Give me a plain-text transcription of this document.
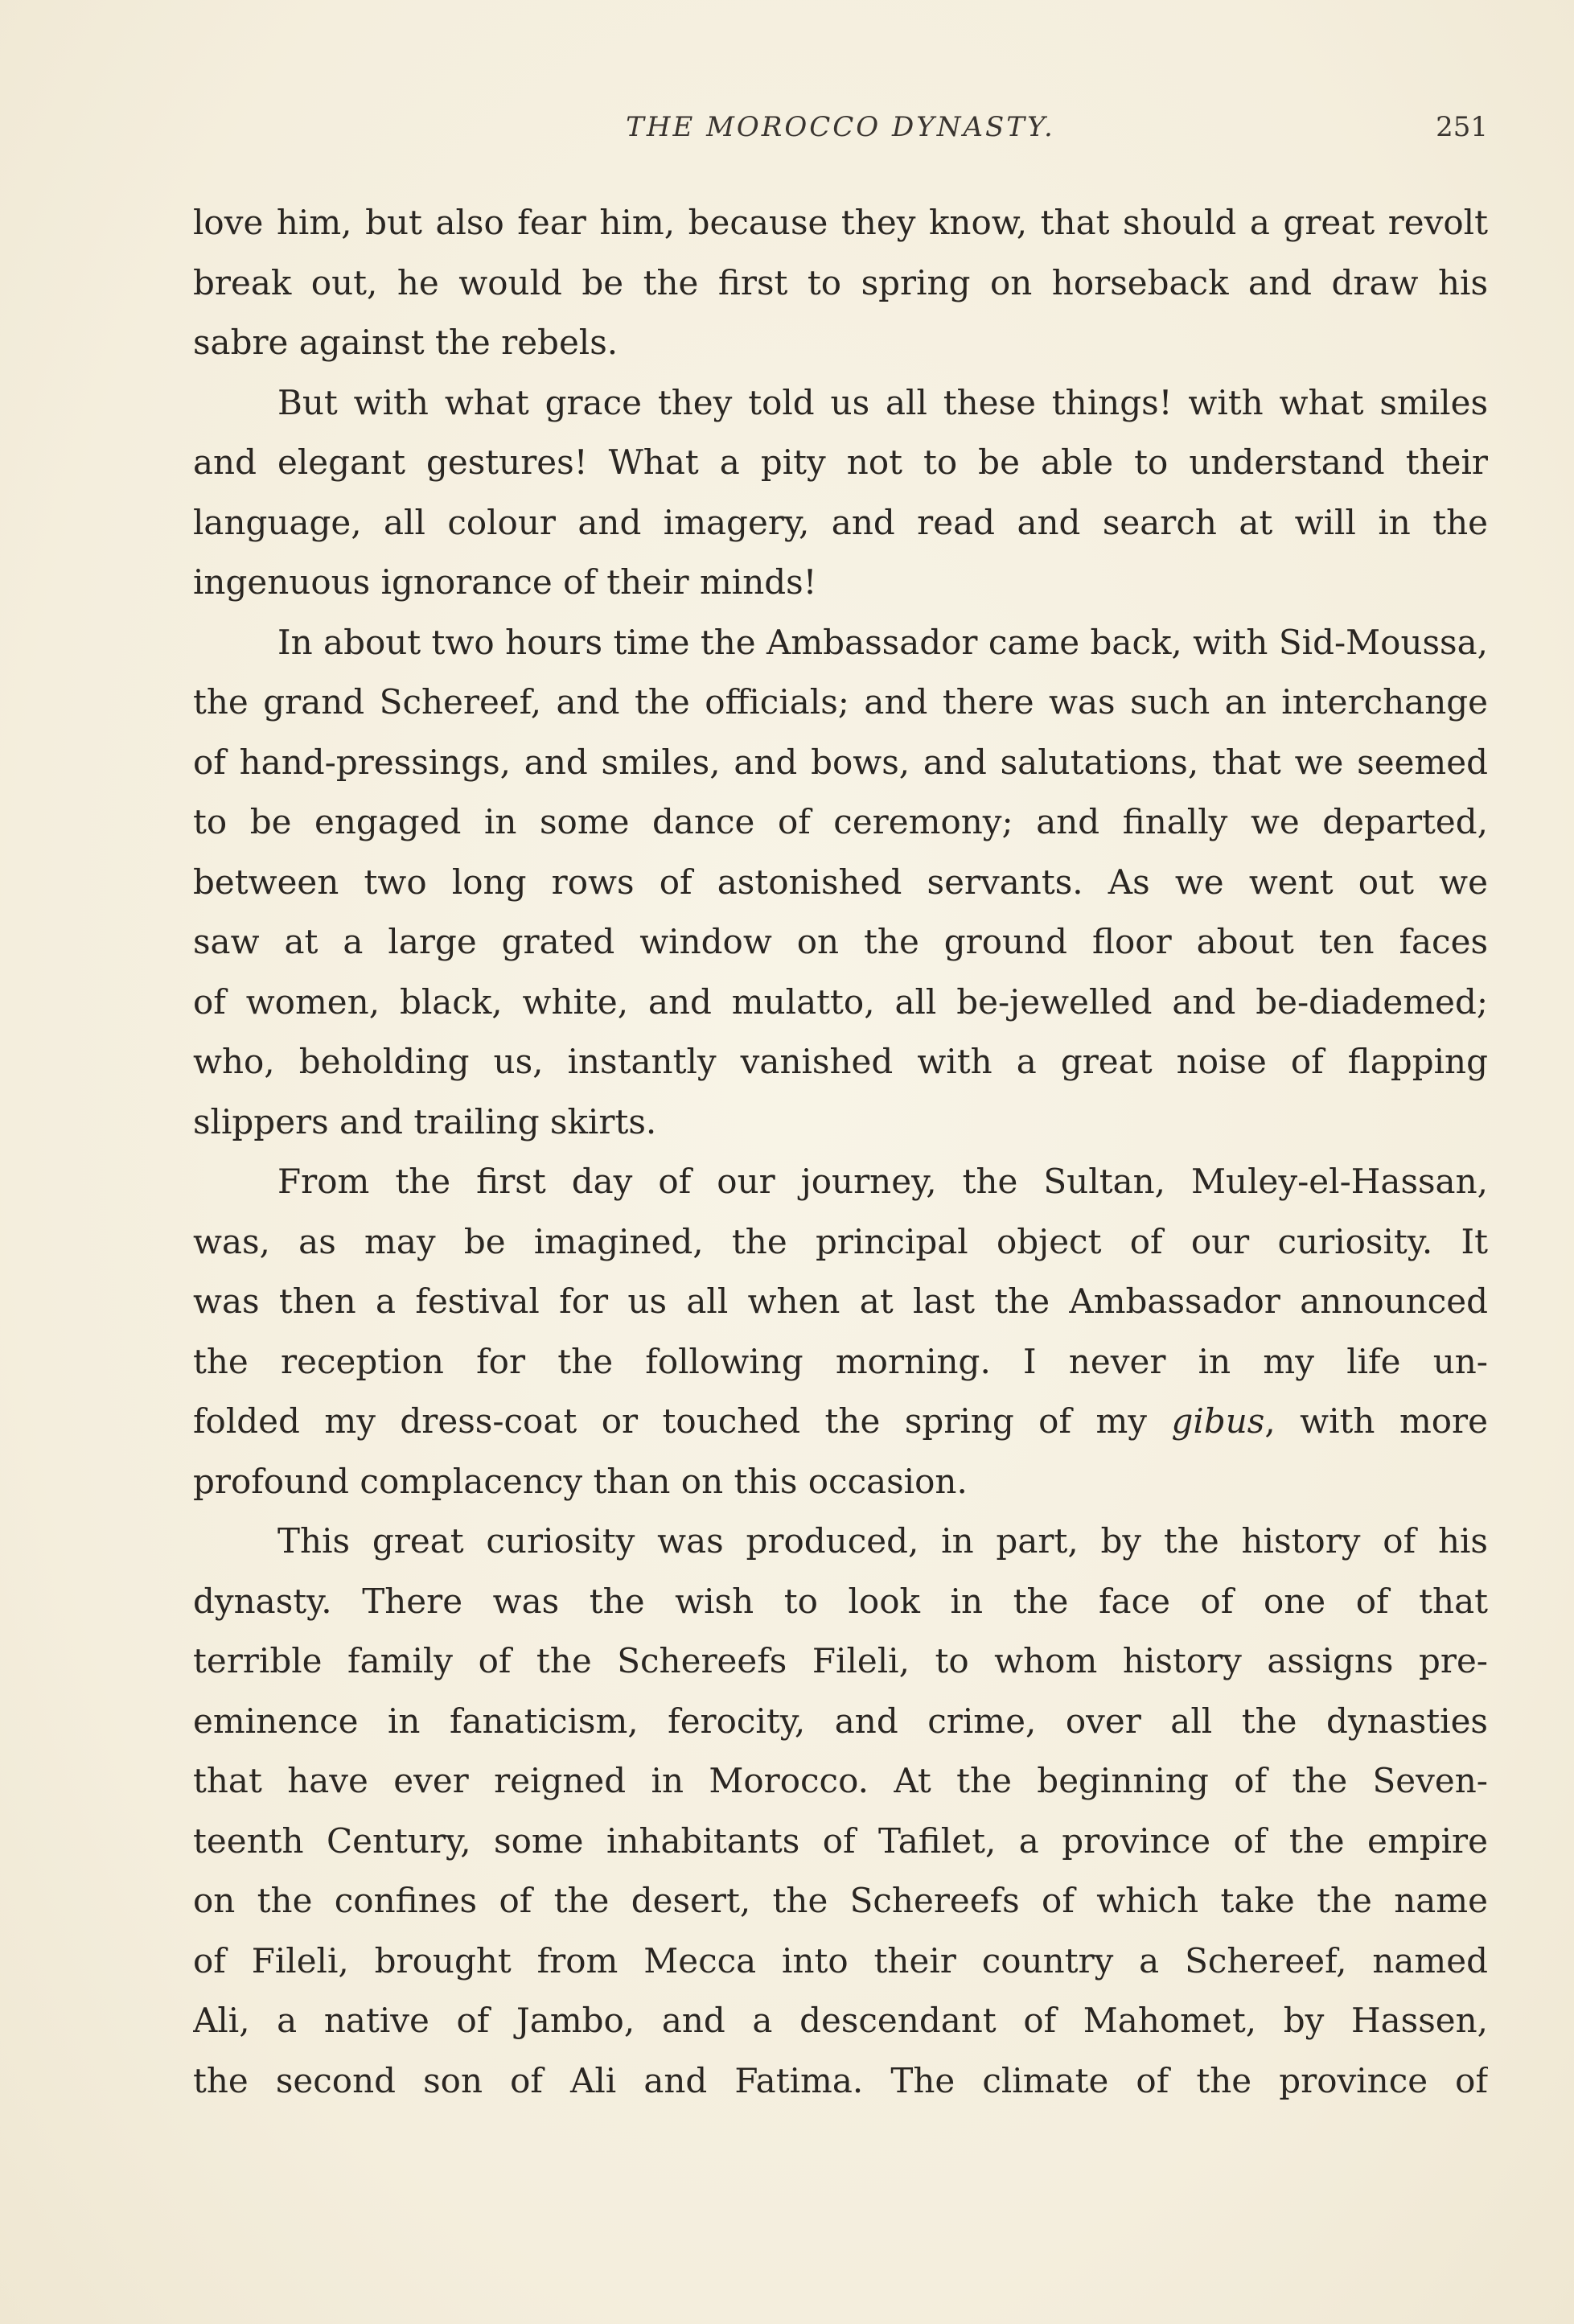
THE MOROCCO DYNASTY.	251
love him, but also fear him, because they know, that should a great revolt
break out, he would be the first to spring on horseback and draw his
sabre against the rebels.
But with what grace they told us all these things! with what smiles
and elegant gestures! What a pity not to be able to understand their
language, all colour and imagery, and read and search at will in the
ingenuous ignorance of their minds!
In about two hours time the Ambassador came back, with Sid-Moussa,
the grand Schereef, and the officials; and there was such an interchange
of hand-pressings, and smiles, and bows, and salutations, that we seemed
to be engaged in some dance of ceremony; and finally we departed,
between two long rows of astonished servants. As we went out we
saw at a large grated window on the ground floor about ten faces
of women, black, white, and mulatto, all be-jewelled and be-diademed;
who, beholding us, instantly vanished with a great noise of flapping
slippers and trailing skirts.
From the first day of our journey, the Sultan, Muley-el-Hassan,
was, as may be imagined, the principal object of our curiosity. It
was then a festival for us all when at last the Ambassador announced
the reception for the following morning. I never in my life un-
folded my dress-coat or touched the spring of my gibus, with more
profound complacency than on this occasion.
This great curiosity was produced, in part, by the history of his
dynasty. There was the wish to look in the face of one of that
terrible family of the Schereefs Fileli, to whom history assigns pre-
eminence in fanaticism, ferocity, and crime, over all the dynasties
that have ever reigned in Morocco. At the beginning of the Seven-
teenth Century, some inhabitants of Tafilet, a province of the empire
on the confines of the desert, the Schereefs of which take the name
of Fileli, brought from Mecca into their country a Schereef, named
Ali, a native of Jambo, and a descendant of Mahomet, by Hassen,
the second son of Ali and Fatima. The climate of the province of
